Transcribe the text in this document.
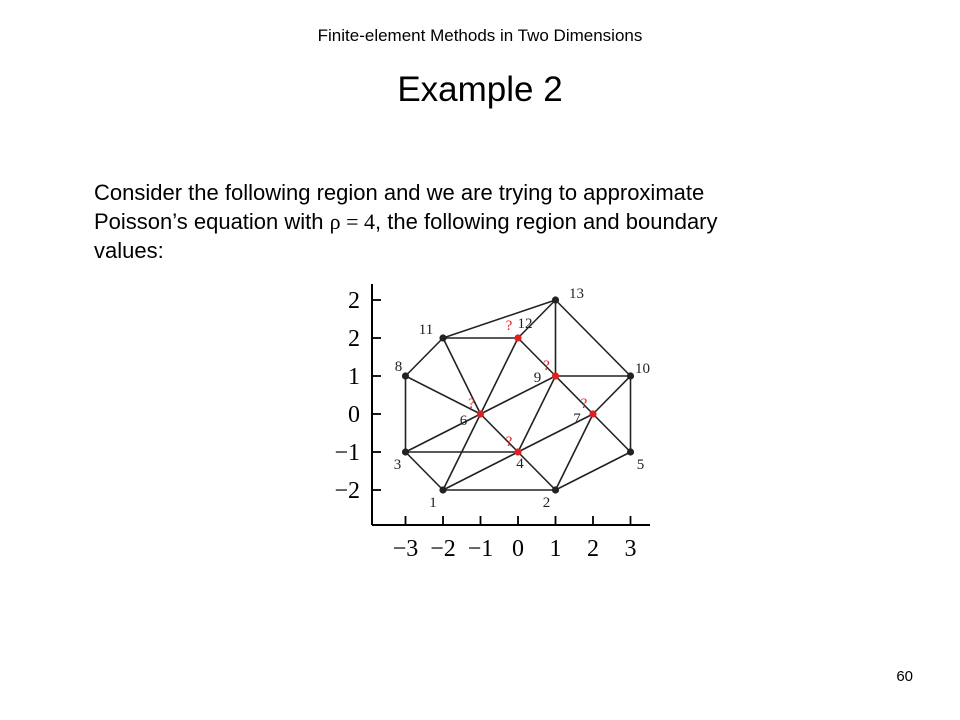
Finite-element Methods in Two Dimensions
Example 2
Consider the following region and we are trying to approximate
Poisson’s equation with ρ = 4, the following region and boundary
values:
−3 −2 −1 0 1 2 3
2
2
1
0
−1
−2	1	2
3	4
?
5
6
?
7
?
8
9
?	10
11	12
?
13
60
